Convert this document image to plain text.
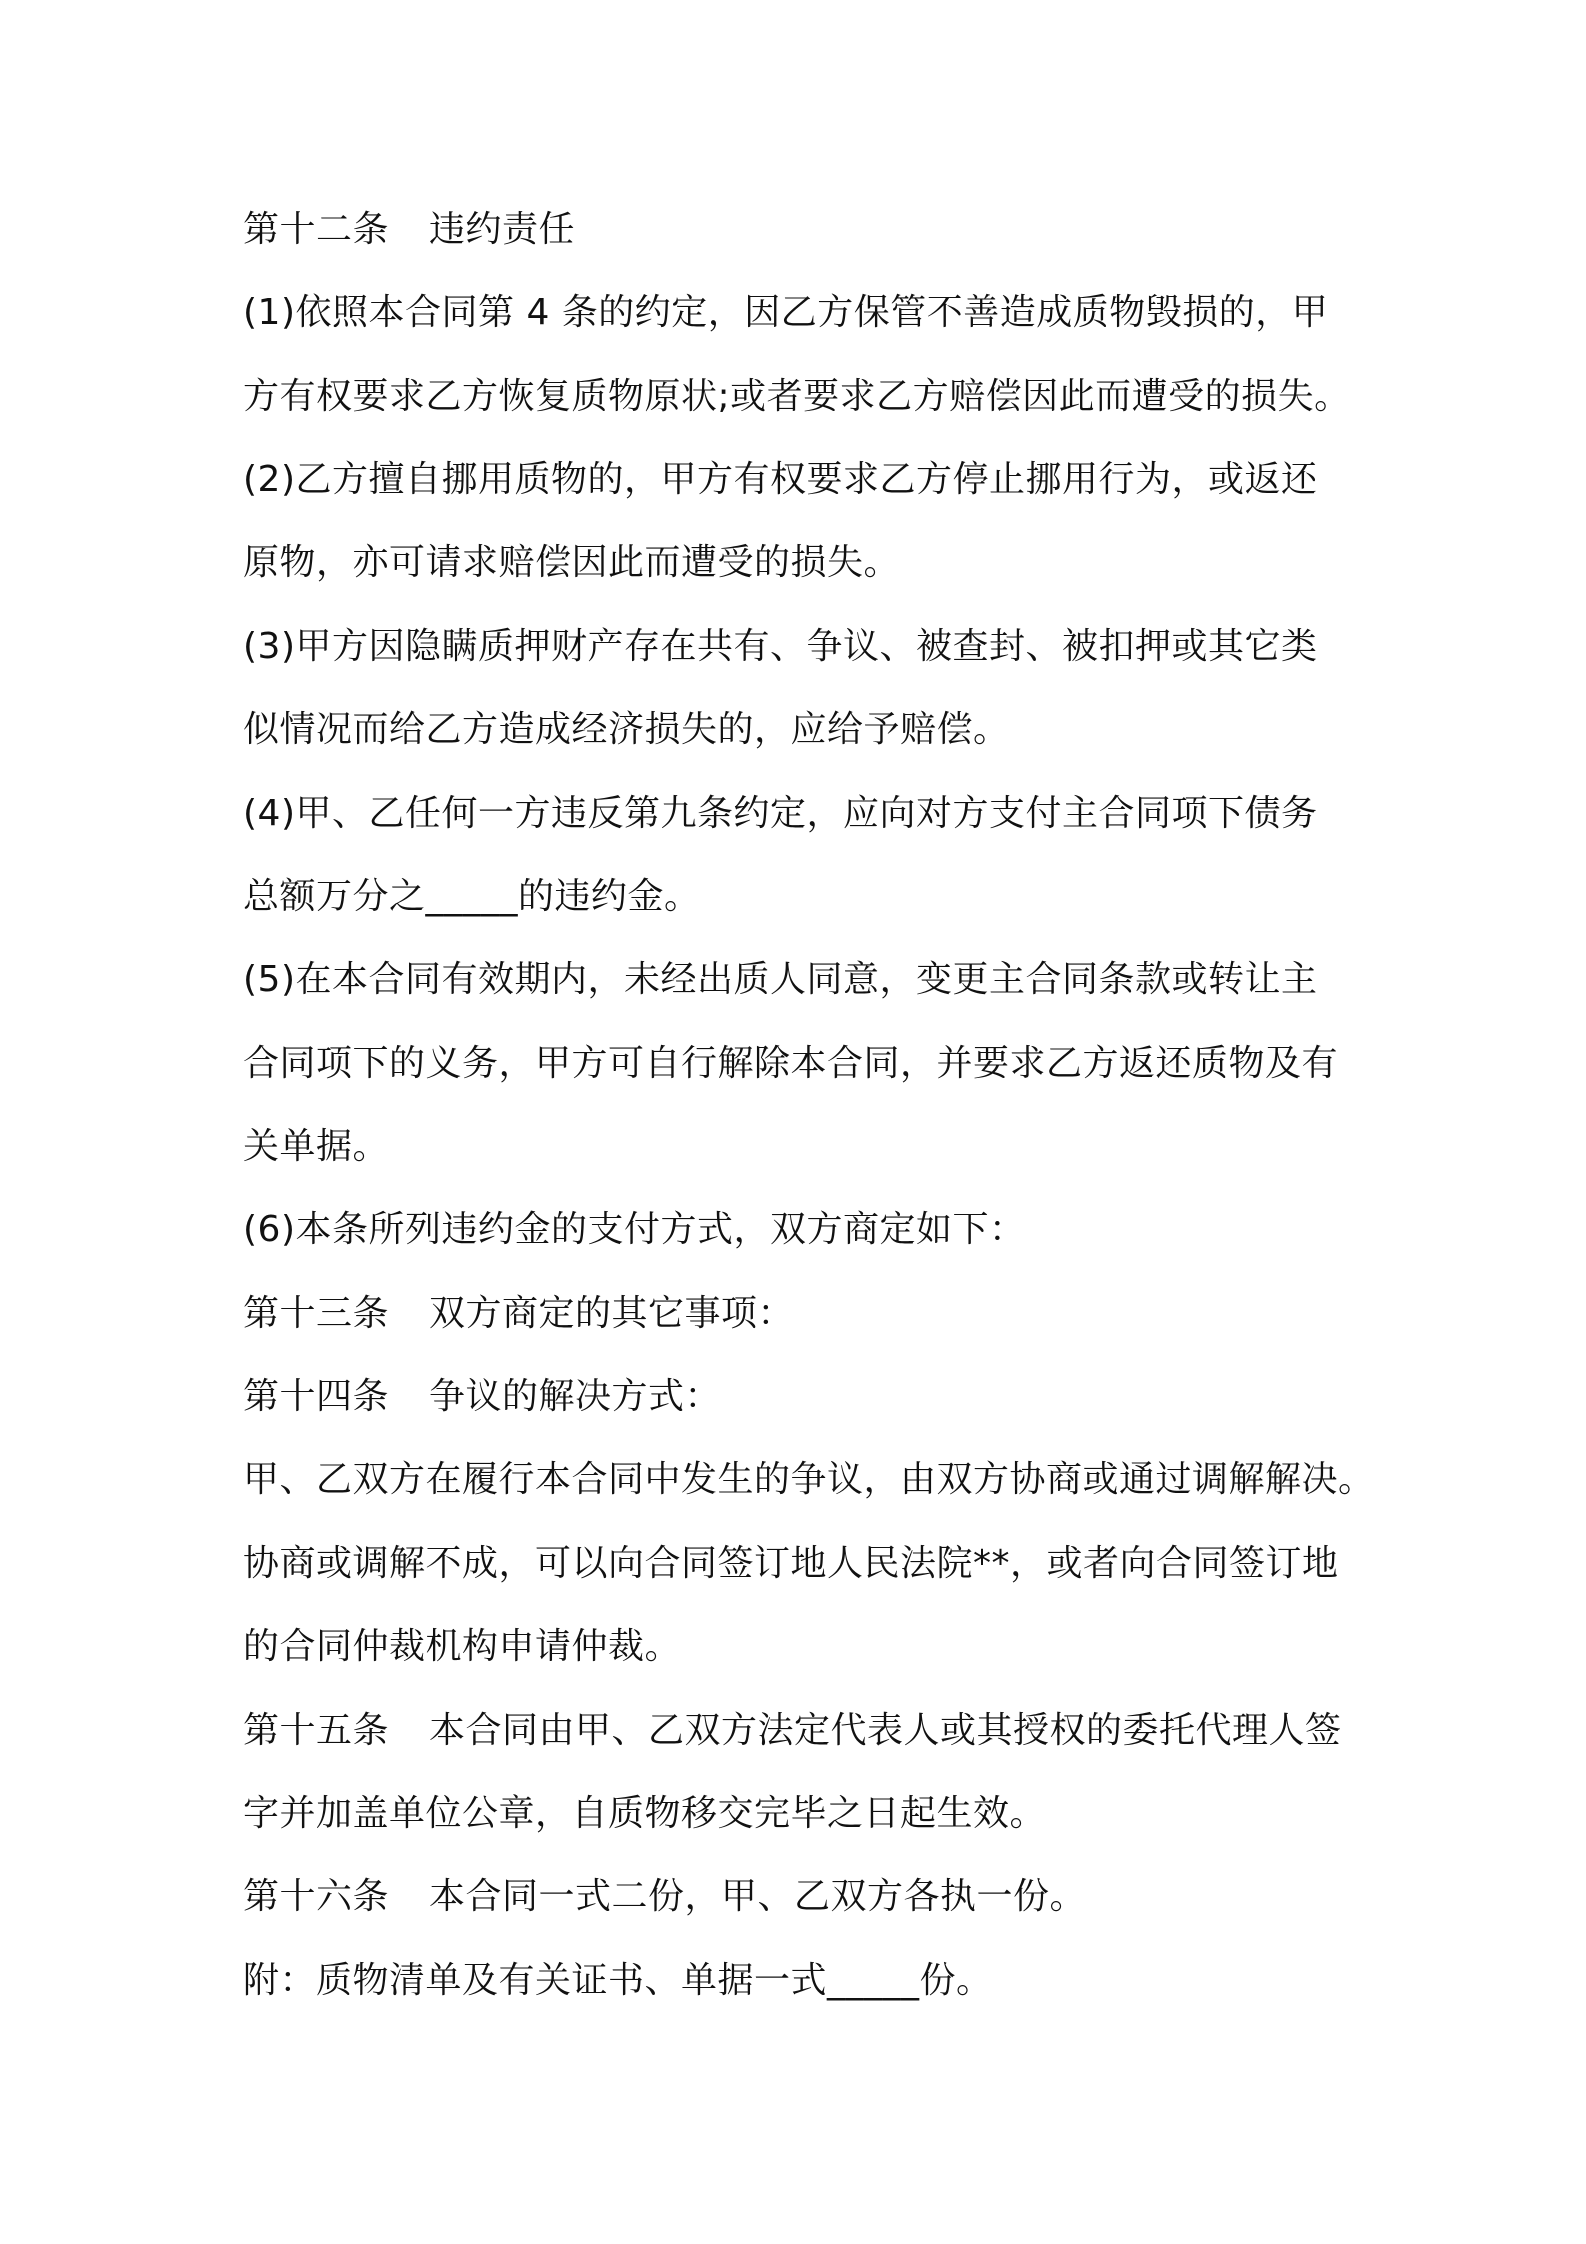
第十二条 违约责任
(1)依照本合同第 4 条的约定，因乙方保管不善造成质物毁损的，甲
方有权要求乙方恢复质物原状;或者要求乙方赔偿因此而遭受的损失。
(2)乙方擅自挪用质物的，甲方有权要求乙方停止挪用行为，或返还
原物，亦可请求赔偿因此而遭受的损失。
(3)甲方因隐瞒质押财产存在共有、争议、被查封、被扣押或其它类
似情况而给乙方造成经济损失的，应给予赔偿。
(4)甲、乙任何一方违反第九条约定，应向对方支付主合同项下债务
总额万分之_____的违约金。
(5)在本合同有效期内，未经出质人同意，变更主合同条款或转让主
合同项下的义务，甲方可自行解除本合同，并要求乙方返还质物及有
关单据。
(6)本条所列违约金的支付方式，双方商定如下：
第十三条 双方商定的其它事项：
第十四条 争议的解决方式：
甲、乙双方在履行本合同中发生的争议，由双方协商或通过调解解决。
协商或调解不成，可以向合同签订地人民法院**，或者向合同签订地
的合同仲裁机构申请仲裁。
第十五条 本合同由甲、乙双方法定代表人或其授权的委托代理人签
字并加盖单位公章，自质物移交完毕之日起生效。
第十六条 本合同一式二份，甲、乙双方各执一份。
附：质物清单及有关证书、单据一式_____份。
